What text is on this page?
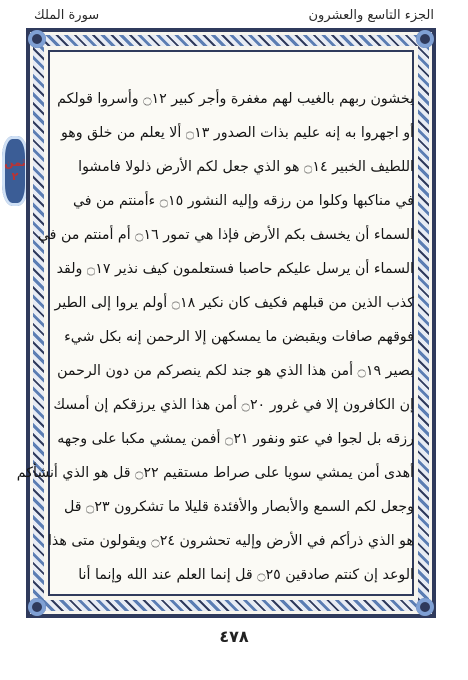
الجزء التاسع والعشرون
سورة الملك
ثمن
٢
يخشون ربهم بالغيب لهم مغفرة وأجر كبير ۝١٢ وأسروا قولكم
أو اجهروا به إنه عليم بذات الصدور ۝١٣ ألا يعلم من خلق وهو
اللطيف الخبير ۝١٤ هو الذي جعل لكم الأرض ذلولا فامشوا
في مناكبها وكلوا من رزقه وإليه النشور ۝١٥ ءأمنتم من في
السماء أن يخسف بكم الأرض فإذا هي تمور ۝١٦ أم أمنتم من في
السماء أن يرسل عليكم حاصبا فستعلمون كيف نذير ۝١٧ ولقد
كذب الذين من قبلهم فكيف كان نكير ۝١٨ أولم يروا إلى الطير
فوقهم صافات ويقبضن ما يمسكهن إلا الرحمن إنه بكل شيء
بصير ۝١٩ أمن هذا الذي هو جند لكم ينصركم من دون الرحمن
إن الكافرون إلا في غرور ۝٢٠ أمن هذا الذي يرزقكم إن أمسك
رزقه بل لجوا في عتو ونفور ۝٢١ أفمن يمشي مكبا على وجهه
أهدى أمن يمشي سويا على صراط مستقيم ۝٢٢ قل هو الذي أنشأكم
وجعل لكم السمع والأبصار والأفئدة قليلا ما تشكرون ۝٢٣ قل
هو الذي ذرأكم في الأرض وإليه تحشرون ۝٢٤ ويقولون متى هذا
الوعد إن كنتم صادقين ۝٢٥ قل إنما العلم عند الله وإنما أنا
٤٧٨
